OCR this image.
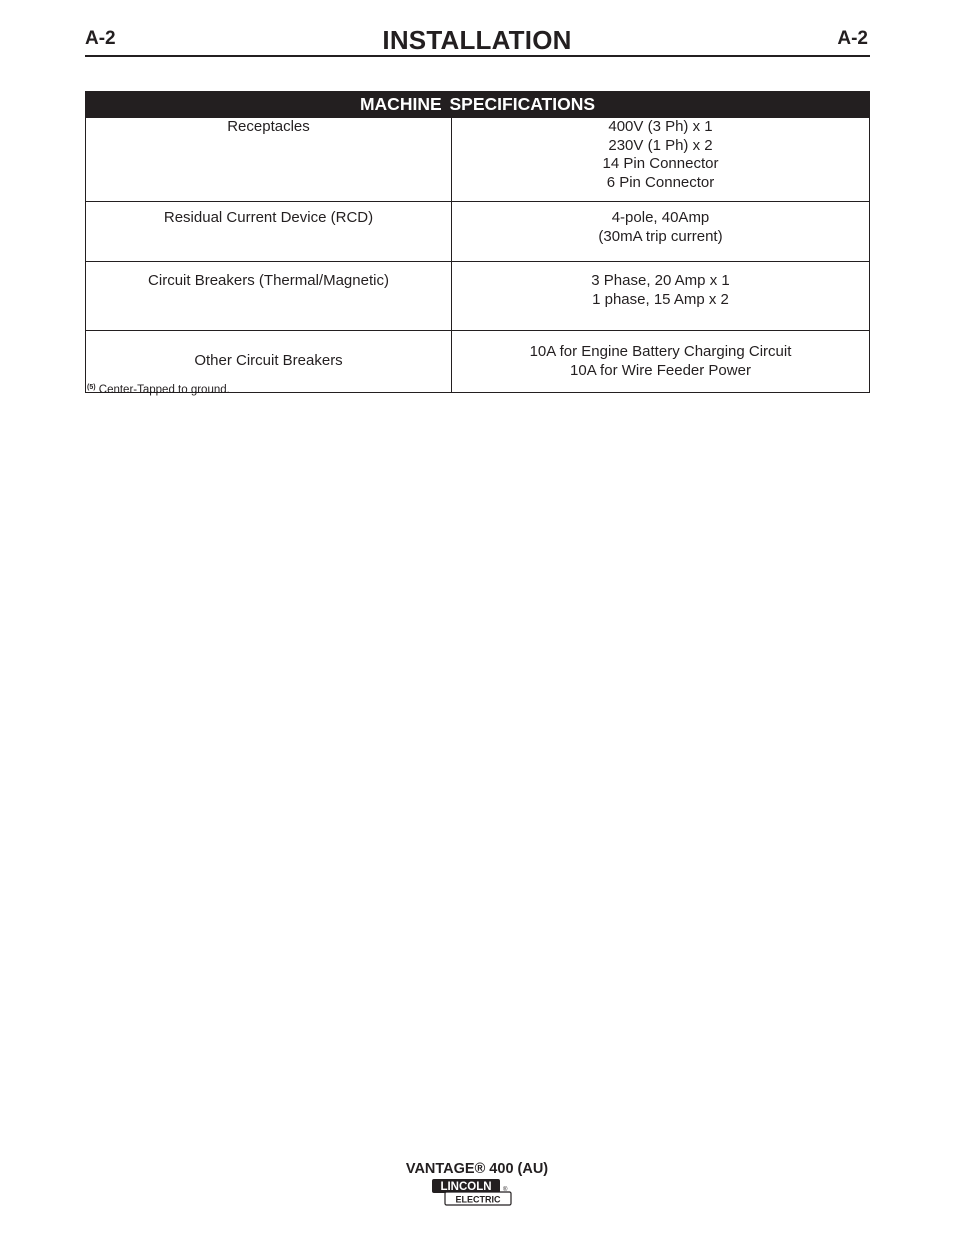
A-2	INSTALLATION	A-2
MACHINE SPECIFICATIONS	
Receptacles	400V (3 Ph) x 1
230V (1 Ph) x 2
14 Pin Connector
6 Pin Connector

Residual Current Device (RCD)	4-pole, 40Amp
(30mA trip current)

Circuit Breakers (Thermal/Magnetic)	3 Phase, 20 Amp x 1
1 phase, 15 Amp x 2

Other Circuit Breakers	10A for Engine Battery Charging Circuit
10A for Wire Feeder Power
$^{(5)}$ Center-Tapped to ground.
VANTAGE® 400 (AU)
LINCOLN
ELECTRIC
®
